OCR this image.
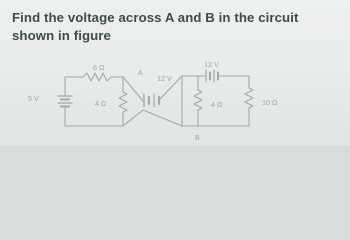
Find the voltage across A and B in the circuit shown in figure
5 V
6 Ω
4 Ω
A
12 V
12 V
4 Ω
B
10 Ω
